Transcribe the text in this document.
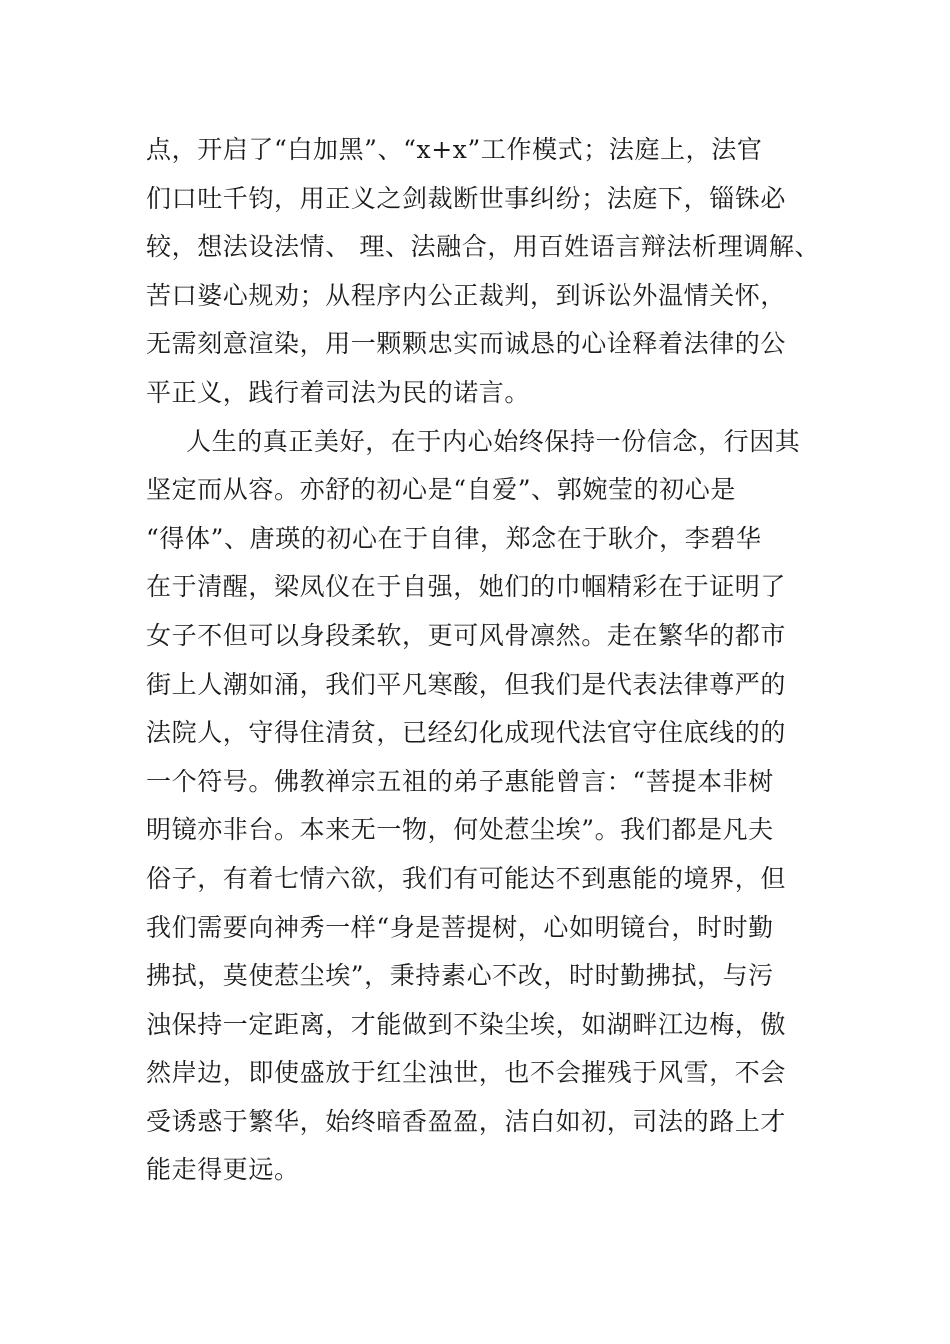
点，开启了“白加黑”、“x+x”工作模式；法庭上，法官
们口吐千钧，用正义之剑裁断世事纠纷；法庭下，锱铢必
较，想法设法情、 理、法融合，用百姓语言辩法析理调解、
苦口婆心规劝；从程序内公正裁判，到诉讼外温情关怀，
无需刻意渲染，用一颗颗忠实而诚恳的心诠释着法律的公
平正义，践行着司法为民的诺言。
人生的真正美好，在于内心始终保持一份信念，行因其
坚定而从容。亦舒的初心是“自爱”、郭婉莹的初心是
“得体”、唐瑛的初心在于自律，郑念在于耿介，李碧华
在于清醒，梁凤仪在于自强，她们的巾帼精彩在于证明了
女子不但可以身段柔软，更可风骨凛然。走在繁华的都市
街上人潮如涌，我们平凡寒酸，但我们是代表法律尊严的
法院人，守得住清贫，已经幻化成现代法官守住底线的的
一个符号。佛教禅宗五祖的弟子惠能曾言：“菩提本非树
明镜亦非台。本来无一物，何处惹尘埃”。我们都是凡夫
俗子，有着七情六欲，我们有可能达不到惠能的境界，但
我们需要向神秀一样“身是菩提树，心如明镜台，时时勤
拂拭，莫使惹尘埃”，秉持素心不改，时时勤拂拭，与污
浊保持一定距离，才能做到不染尘埃，如湖畔江边梅，傲
然岸边，即使盛放于红尘浊世，也不会摧残于风雪，不会
受诱惑于繁华，始终暗香盈盈，洁白如初，司法的路上才
能走得更远。
